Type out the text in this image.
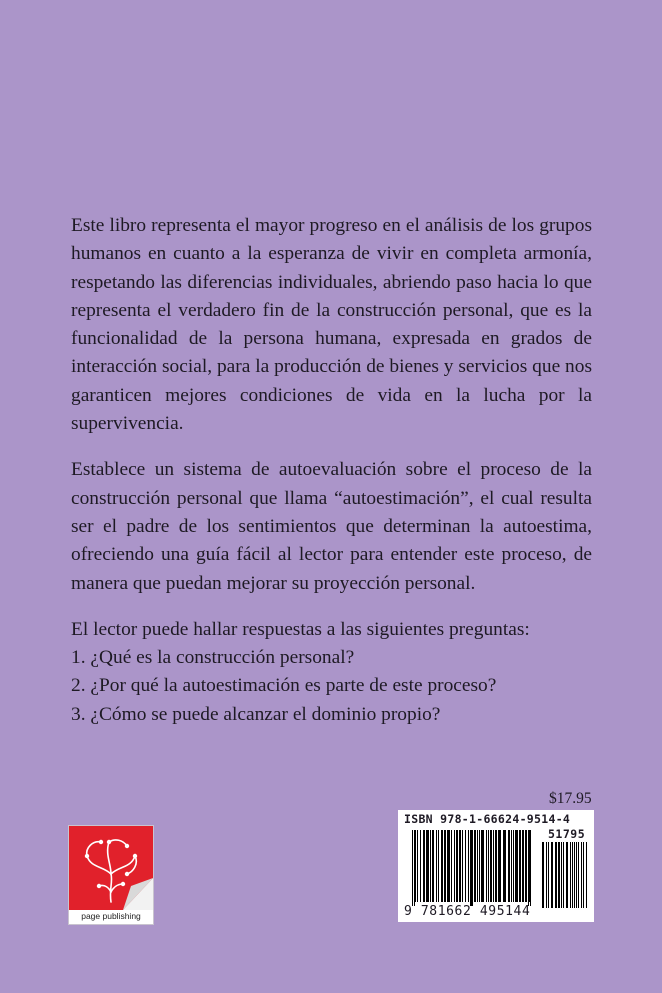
Este libro representa el mayor progreso en el análisis de los grupos humanos en cuanto a la esperanza de vivir en completa armonía, respetando las diferencias individuales, abriendo paso hacia lo que representa el verdadero fin de la construcción personal, que es la funcionalidad de la persona humana, expresada en grados de interacción social, para la producción de bienes y servicios que nos garanticen mejores condiciones de vida en la lucha por la supervivencia.

Establece un sistema de autoevaluación sobre el proceso de la construcción personal que llama “autoestimación”, el cual resulta ser el padre de los sentimientos que determinan la autoestima, ofreciendo una guía fácil al lector para entender este proceso, de manera que puedan mejorar su proyección personal.

El lector puede hallar respuestas a las siguientes preguntas:

1. ¿Qué es la construcción personal?
2. ¿Por qué la autoestimación es parte de este proceso?
3. ¿Cómo se puede alcanzar el dominio propio?
$17.95
ISBN 978-1-66624-9514-4
51795
9 781662 495144
page publishing
